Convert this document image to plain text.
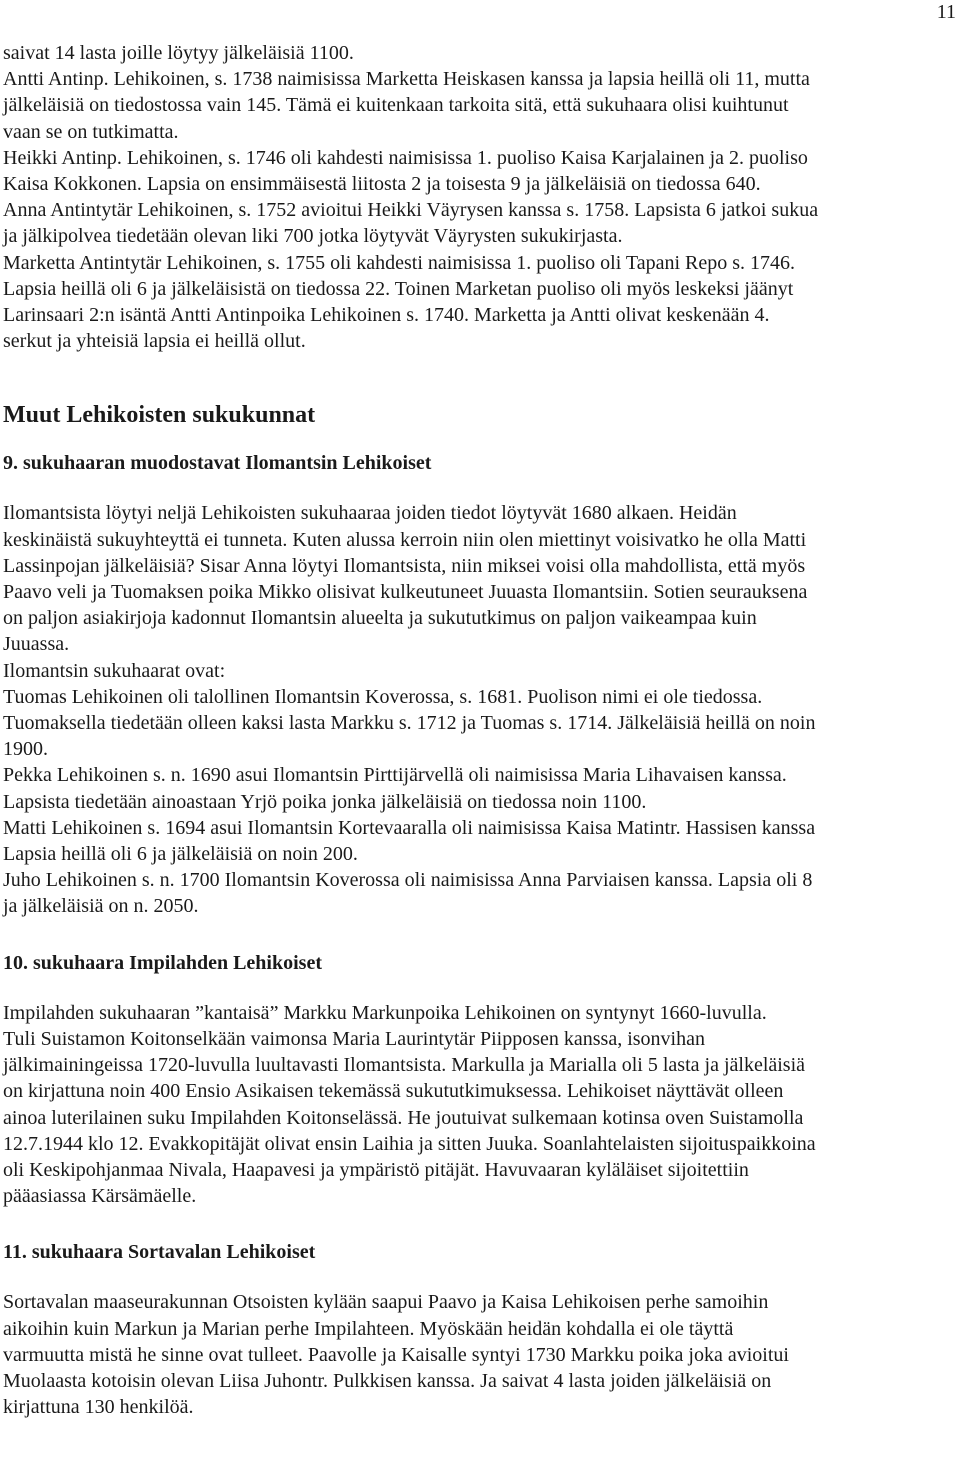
11
saivat 14 lasta joille löytyy jälkeläisiä 1100.
Antti Antinp. Lehikoinen, s. 1738 naimisissa Marketta Heiskasen kanssa ja lapsia heillä oli 11, mutta
jälkeläisiä on tiedostossa vain 145. Tämä ei kuitenkaan tarkoita sitä, että sukuhaara olisi kuihtunut
vaan se on tutkimatta.
Heikki Antinp. Lehikoinen, s. 1746 oli kahdesti naimisissa 1. puoliso Kaisa Karjalainen ja 2. puoliso
Kaisa Kokkonen. Lapsia on ensimmäisestä liitosta 2 ja toisesta 9 ja jälkeläisiä on tiedossa 640.
Anna Antintytär Lehikoinen, s. 1752 avioitui Heikki Väyrysen kanssa s. 1758. Lapsista 6 jatkoi sukua
ja jälkipolvea tiedetään olevan liki 700 jotka löytyvät Väyrysten sukukirjasta.
Marketta Antintytär Lehikoinen, s. 1755 oli kahdesti naimisissa 1. puoliso oli Tapani Repo s. 1746.
Lapsia heillä oli 6 ja jälkeläisistä on tiedossa 22. Toinen Marketan puoliso oli myös leskeksi jäänyt
Larinsaari 2:n isäntä Antti Antinpoika Lehikoinen s. 1740. Marketta ja Antti olivat keskenään 4.
serkut ja yhteisiä lapsia ei heillä ollut.
Muut Lehikoisten sukukunnat
9. sukuhaaran muodostavat Ilomantsin Lehikoiset
Ilomantsista löytyi neljä Lehikoisten sukuhaaraa joiden tiedot löytyvät 1680 alkaen. Heidän
keskinäistä sukuyhteyttä ei tunneta. Kuten alussa kerroin niin olen miettinyt voisivatko he olla Matti
Lassinpojan jälkeläisiä? Sisar Anna löytyi Ilomantsista, niin miksei voisi olla mahdollista, että myös
Paavo veli ja Tuomaksen poika Mikko olisivat kulkeutuneet Juuasta Ilomantsiin. Sotien seurauksena
on paljon asiakirjoja kadonnut Ilomantsin alueelta ja sukututkimus on paljon vaikeampaa kuin
Juuassa.
Ilomantsin sukuhaarat ovat:
Tuomas Lehikoinen oli talollinen Ilomantsin Koverossa, s. 1681. Puolison nimi ei ole tiedossa.
Tuomaksella tiedetään olleen kaksi lasta Markku s. 1712 ja Tuomas s. 1714. Jälkeläisiä heillä on noin
1900.
Pekka Lehikoinen s. n. 1690 asui Ilomantsin Pirttijärvellä oli naimisissa Maria Lihavaisen kanssa.
Lapsista tiedetään ainoastaan Yrjö poika jonka jälkeläisiä on tiedossa noin 1100.
Matti Lehikoinen s. 1694 asui Ilomantsin Kortevaaralla oli naimisissa Kaisa Matintr. Hassisen kanssa
Lapsia heillä oli 6 ja jälkeläisiä on noin 200.
Juho Lehikoinen s. n. 1700 Ilomantsin Koverossa oli naimisissa Anna Parviaisen kanssa. Lapsia oli 8
ja jälkeläisiä on n. 2050.
10. sukuhaara Impilahden Lehikoiset
Impilahden sukuhaaran ”kantaisä” Markku Markunpoika Lehikoinen on syntynyt 1660-luvulla.
Tuli Suistamon Koitonselkään vaimonsa Maria Laurintytär Piipposen kanssa, isonvihan
jälkimainingeissa 1720-luvulla luultavasti Ilomantsista. Markulla ja Marialla oli 5 lasta ja jälkeläisiä
on kirjattuna noin 400 Ensio Asikaisen tekemässä sukututkimuksessa. Lehikoiset näyttävät olleen
ainoa luterilainen suku Impilahden Koitonselässä. He joutuivat sulkemaan kotinsa oven Suistamolla
12.7.1944 klo 12. Evakkopitäjät olivat ensin Laihia ja sitten Juuka. Soanlahtelaisten sijoituspaikkoina
oli Keskipohjanmaa Nivala, Haapavesi ja ympäristö pitäjät. Havuvaaran kyläläiset sijoitettiin
pääasiassa Kärsämäelle.
11. sukuhaara Sortavalan Lehikoiset
Sortavalan maaseurakunnan Otsoisten kylään saapui Paavo ja Kaisa Lehikoisen perhe samoihin
aikoihin kuin Markun ja Marian perhe Impilahteen. Myöskään heidän kohdalla ei ole täyttä
varmuutta mistä he sinne ovat tulleet. Paavolle ja Kaisalle syntyi 1730 Markku poika joka avioitui
Muolaasta kotoisin olevan Liisa Juhontr. Pulkkisen kanssa. Ja saivat 4 lasta joiden jälkeläisiä on
kirjattuna 130 henkilöä.
